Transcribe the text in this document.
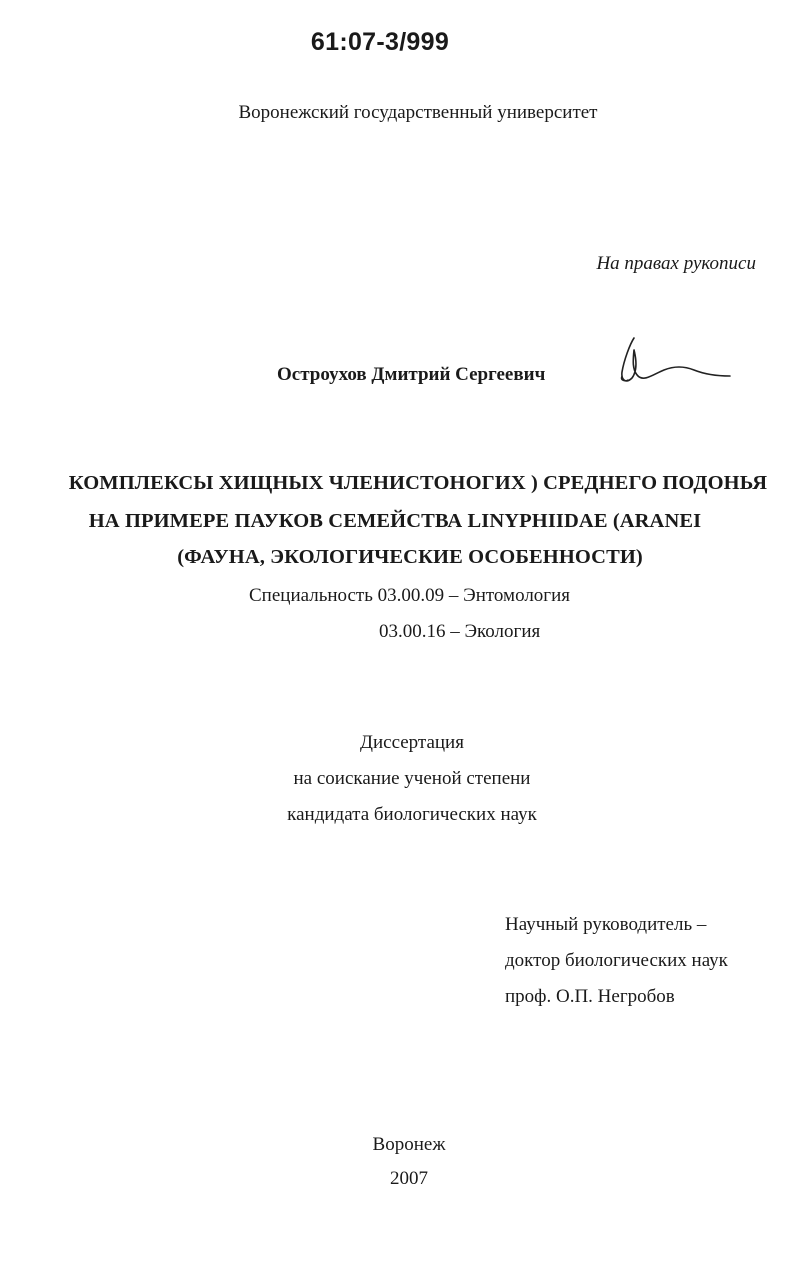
61:07-3/999
Воронежский государственный университет
На правах рукописи
Остроухов Дмитрий Сергеевич
КОМПЛЕКСЫ ХИЩНЫХ ЧЛЕНИСТОНОГИХ ) СРЕДНЕГО ПОДОНЬЯ
НА ПРИМЕРЕ ПАУКОВ СЕМЕЙСТВА LINYPHIIDAE (ARANEI
(ФАУНА, ЭКОЛОГИЧЕСКИЕ ОСОБЕННОСТИ)
Специальность 03.00.09 – Энтомология
03.00.16 – Экология
Диссертация
на соискание ученой степени
кандидата биологических наук
Научный руководитель –
доктор биологических наук
проф. О.П. Негробов
Воронеж
2007
